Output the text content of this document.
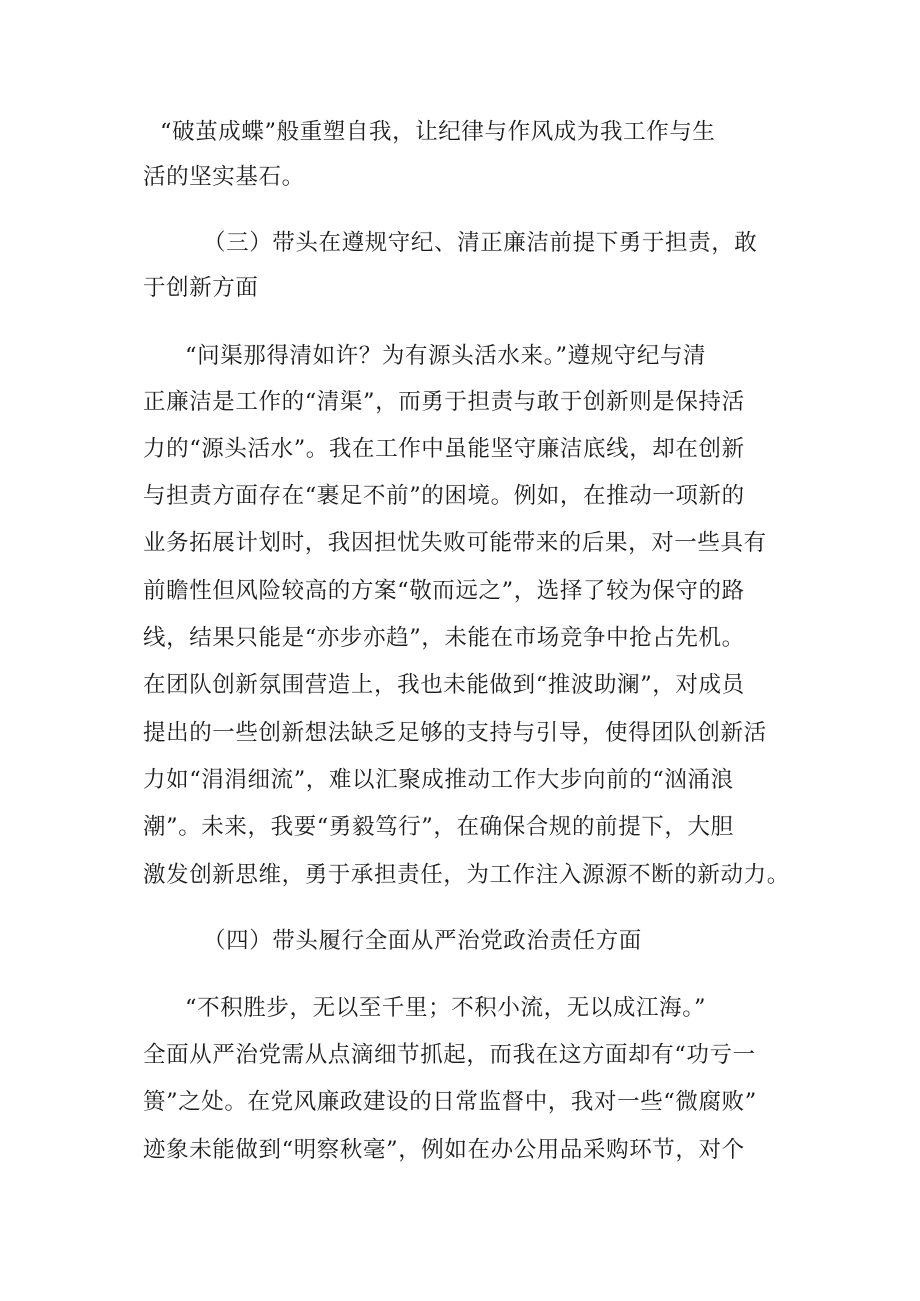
“破茧成蝶”般重塑自我，让纪律与作风成为我工作与生
活的坚实基石。
（三）带头在遵规守纪、清正廉洁前提下勇于担责，敢
于创新方面
“问渠那得清如许？为有源头活水来。”遵规守纪与清
正廉洁是工作的“清渠”，而勇于担责与敢于创新则是保持活
力的“源头活水”。我在工作中虽能坚守廉洁底线，却在创新
与担责方面存在“裹足不前”的困境。例如，在推动一项新的
业务拓展计划时，我因担忧失败可能带来的后果，对一些具有
前瞻性但风险较高的方案“敬而远之”，选择了较为保守的路
线，结果只能是“亦步亦趋”，未能在市场竞争中抢占先机。
在团队创新氛围营造上，我也未能做到“推波助澜”，对成员
提出的一些创新想法缺乏足够的支持与引导，使得团队创新活
力如“涓涓细流”，难以汇聚成推动工作大步向前的“汹涌浪
潮”。未来，我要“勇毅笃行”，在确保合规的前提下，大胆
激发创新思维，勇于承担责任，为工作注入源源不断的新动力。
（四）带头履行全面从严治党政治责任方面
“不积胜步，无以至千里；不积小流，无以成江海。”
全面从严治党需从点滴细节抓起，而我在这方面却有“功亏一
篑”之处。在党风廉政建设的日常监督中，我对一些“微腐败”
迹象未能做到“明察秋毫”，例如在办公用品采购环节，对个
